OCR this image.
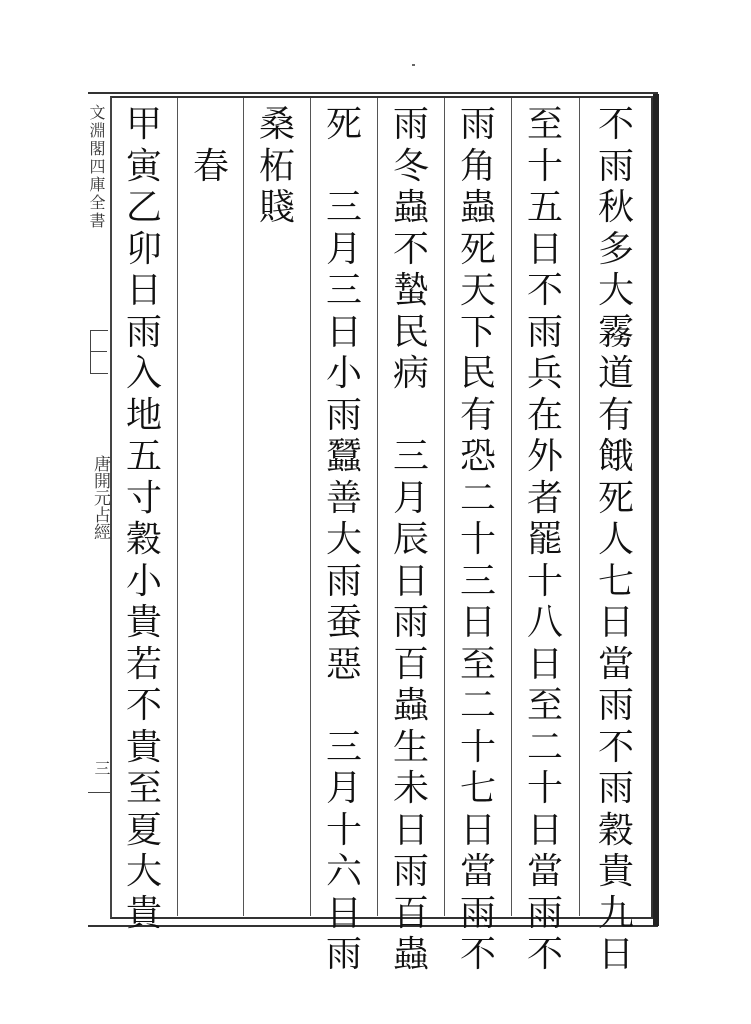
文淵閣四庫全書
唐開元占經
三
不
雨
秋
多
大
霧
道
有
餓
死
人
七
日
當
雨
不
雨
穀
貴
九
日
至
十
五
日
不
雨
兵
在
外
者
罷
十
八
日
至
二
十
日
當
雨
不
雨
角
蟲
死
天
下
民
有
恐
二
十
三
日
至
二
十
七
日
當
雨
不
雨
冬
蟲
不
蟄
民
病
三
月
辰
日
雨
百
蟲
生
未
日
雨
百
蟲
死
三
月
三
日
小
雨
蠶
善
大
雨
蚕
惡
三
月
十
六
日
雨
桑
柘
賤
春
甲
寅
乙
卯
日
雨
入
地
五
寸
穀
小
貴
若
不
貴
至
夏
大
貴
